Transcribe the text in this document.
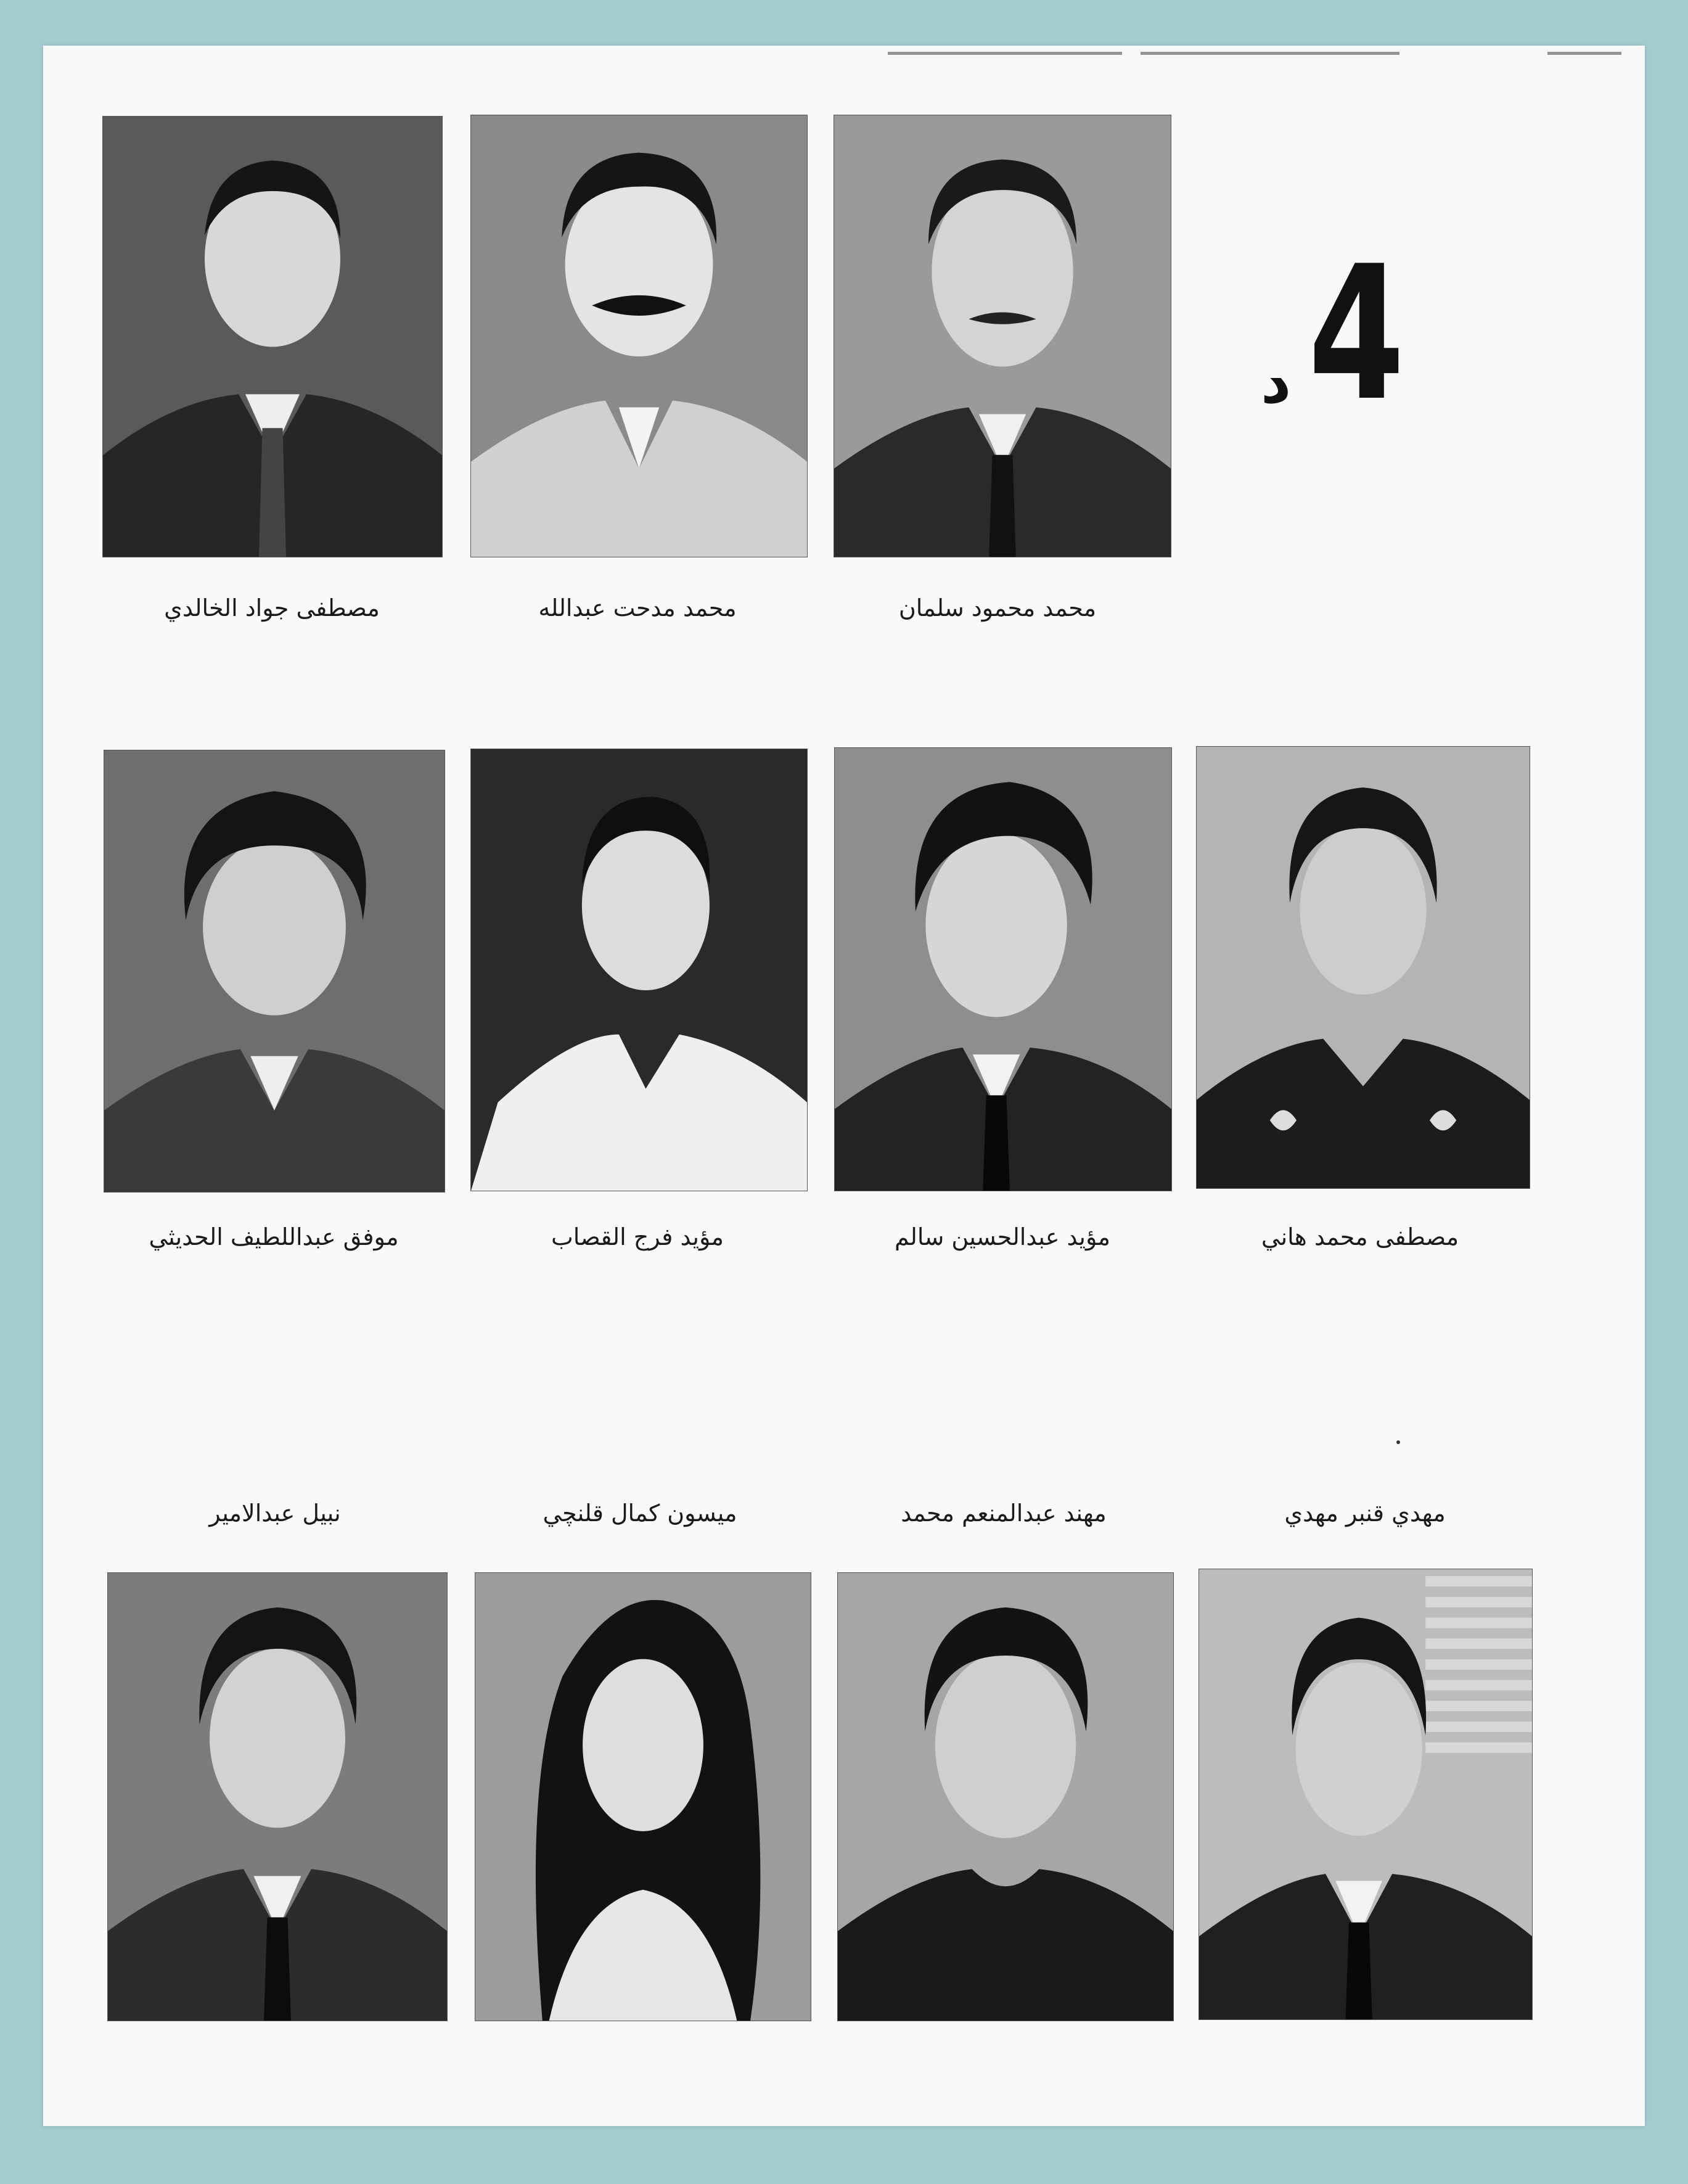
د 4
مصطفى جواد الخالدي	محمد مدحت عبدالله	محمد محمود سلمان
موفق عبداللطيف الحديثي	مؤيد فرج القصاب	مؤيد عبدالحسين سالم	مصطفى محمد هاني
نبيل عبدالامير	ميسون كمال قلنچي	مهند عبدالمنعم محمد	مهدي قنبر مهدي
